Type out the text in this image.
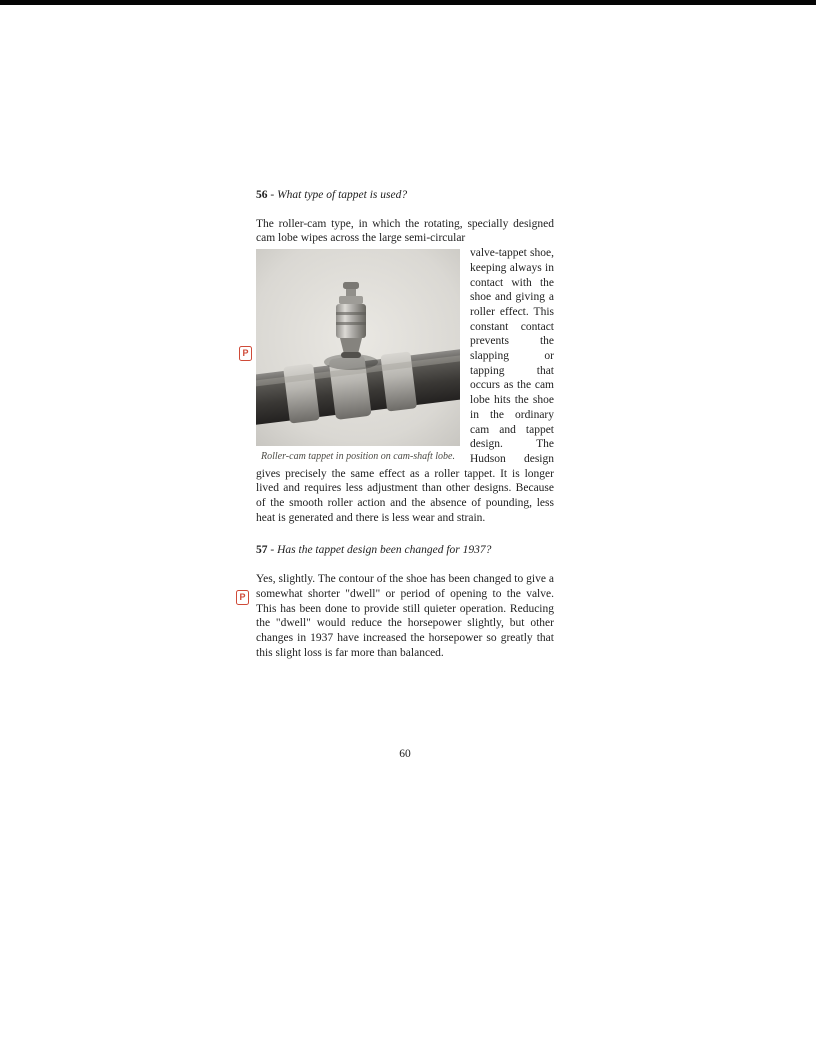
P
P
56 - What type of tappet is used?
The roller-cam type, in which the rotating, specially designed cam lobe wipes across the large semi-circular
Roller-cam tappet in position on cam-shaft lobe.
valve-tappet shoe, keeping always in contact with the shoe and giving a roller effect. This constant contact prevents the slapping or tapping that occurs as the cam lobe hits the shoe in the ordinary cam and tappet design. The Hudson design gives precisely the same effect as a roller tappet. It is longer lived and requires less adjustment than other designs. Because of the smooth roller action and the absence of pounding, less heat is generated and there is less wear and strain.
57 - Has the tappet design been changed for 1937?
Yes, slightly. The contour of the shoe has been changed to give a somewhat shorter "dwell" or period of opening to the valve. This has been done to provide still quieter operation. Reducing the "dwell" would reduce the horsepower slightly, but other changes in 1937 have increased the horsepower so greatly that this slight loss is far more than balanced.
60
